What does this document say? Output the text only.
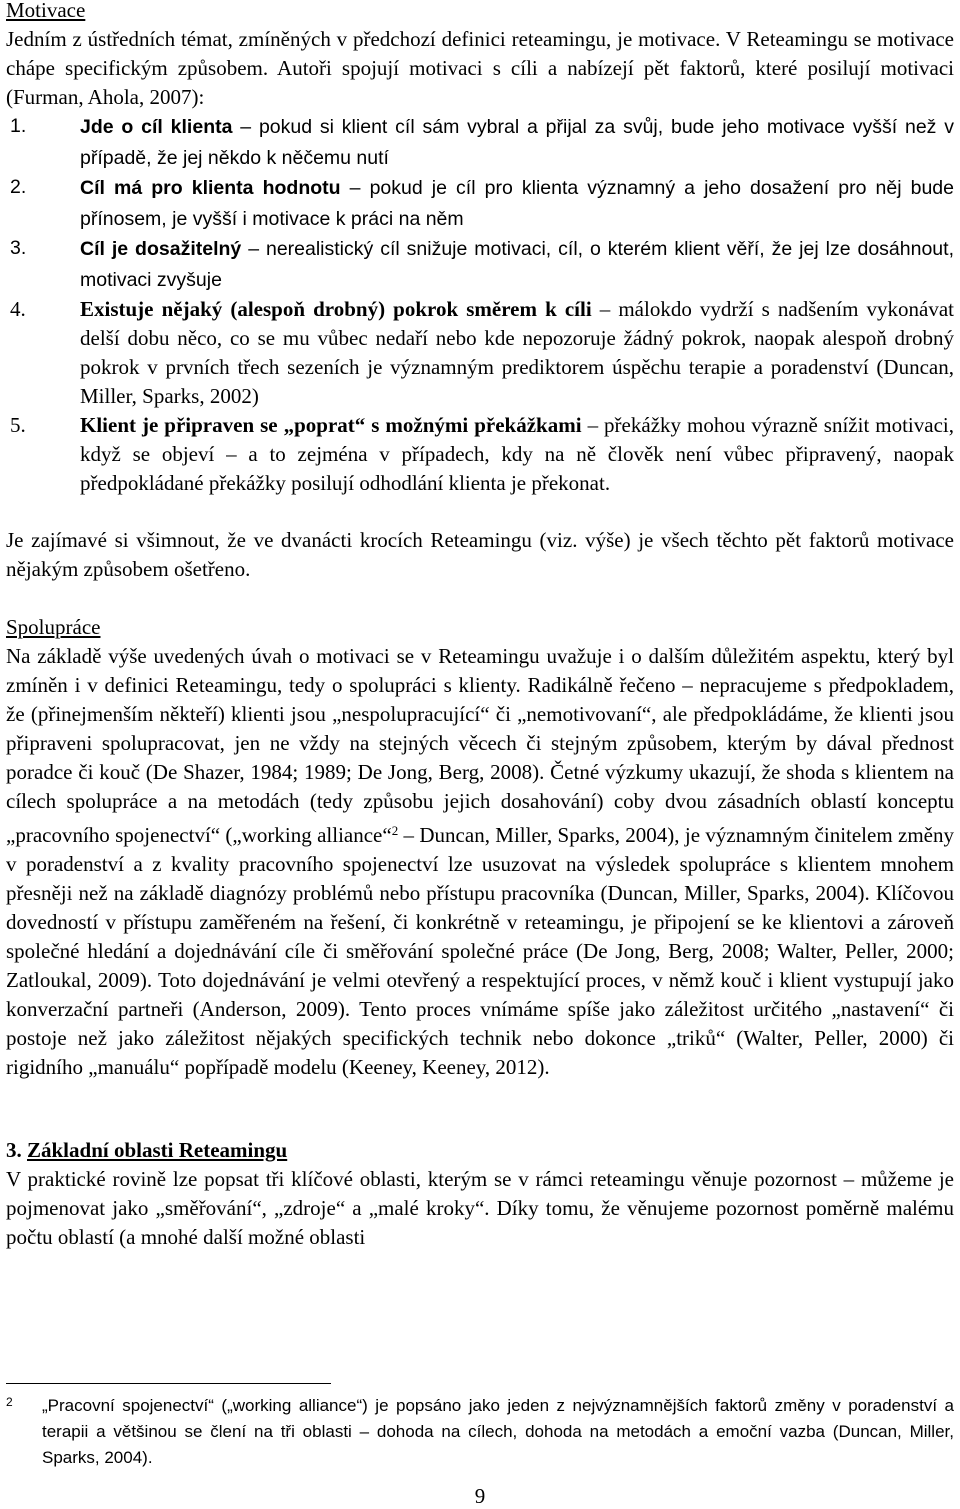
Motivace

Jedním z ústředních témat, zmíněných v předchozí definici reteamingu, je motivace. V Reteamingu se motivace chápe specifickým způsobem. Autoři spojují motivaci s cíli a nabízejí pět faktorů, které posilují motivaci (Furman, Ahola, 2007):

1.	Jde o cíl klienta – pokud si klient cíl sám vybral a přijal za svůj, bude jeho motivace vyšší než v případě, že jej někdo k něčemu nutí
2.	Cíl má pro klienta hodnotu – pokud je cíl pro klienta významný a jeho dosažení pro něj bude přínosem, je vyšší i motivace k práci na něm
3.	Cíl je dosažitelný – nerealistický cíl snižuje motivaci, cíl, o kterém klient věří, že jej lze dosáhnout, motivaci zvyšuje
4.	Existuje nějaký (alespoň drobný) pokrok směrem k cíli – málokdo vydrží s nadšením vykonávat delší dobu něco, co se mu vůbec nedaří nebo kde nepozoruje žádný pokrok, naopak alespoň drobný pokrok v prvních třech sezeních je významným prediktorem úspěchu terapie a poradenství (Duncan, Miller, Sparks, 2002)
5.	Klient je připraven se „poprat“ s možnými překážkami – překážky mohou výrazně snížit motivaci, když se objeví – a to zejména v případech, kdy na ně člověk není vůbec připravený, naopak předpokládané překážky posilují odhodlání klienta je překonat.

Je zajímavé si všimnout, že ve dvanácti krocích Reteamingu (viz. výše) je všech těchto pět faktorů motivace nějakým způsobem ošetřeno.

Spolupráce

Na základě výše uvedených úvah o motivaci se v Reteamingu uvažuje i o dalším důležitém aspektu, který byl zmíněn i v definici Reteamingu, tedy o spolupráci s klienty. Radikálně řečeno – nepracujeme s předpokladem, že (přinejmenším někteří) klienti jsou „nespolupracující“ či „nemotivovaní“, ale předpokládáme, že klienti jsou připraveni spolupracovat, jen ne vždy na stejných věcech či stejným způsobem, kterým by dával přednost poradce či kouč (De Shazer, 1984; 1989; De Jong, Berg, 2008). Četné výzkumy ukazují, že shoda s klientem na cílech spolupráce a na metodách (tedy způsobu jejich dosahování) coby dvou zásadních oblastí konceptu „pracovního spojenectví“ („working alliance“$^2$ – Duncan, Miller, Sparks, 2004), je významným činitelem změny v poradenství a z kvality pracovního spojenectví lze usuzovat na výsledek spolupráce s klientem mnohem přesněji než na základě diagnózy problémů nebo přístupu pracovníka (Duncan, Miller, Sparks, 2004). Klíčovou dovedností v přístupu zaměřeném na řešení, či konkrétně v reteamingu, je připojení se ke klientovi a zároveň společné hledání a dojednávání cíle či směřování společné práce (De Jong, Berg, 2008; Walter, Peller, 2000; Zatloukal, 2009). Toto dojednávání je velmi otevřený a respektující proces, v němž kouč i klient vystupují jako konverzační partneři (Anderson, 2009). Tento proces vnímáme spíše jako záležitost určitého „nastavení“ či postoje než jako záležitost nějakých specifických technik nebo dokonce „triků“ (Walter, Peller, 2000) či rigidního „manuálu“ popřípadě modelu (Keeney, Keeney, 2012).

3. Základní oblasti Reteamingu

V praktické rovině lze popsat tři klíčové oblasti, kterým se v rámci reteamingu věnuje pozornost – můžeme je pojmenovat jako „směřování“, „zdroje“ a „malé kroky“. Díky tomu, že věnujeme pozornost poměrně malému počtu oblastí (a mnohé další možné oblasti

2	„Pracovní spojenectví“ („working alliance“) je popsáno jako jeden z nejvýznamnějších faktorů změny v poradenství a terapii a většinou se člení na tři oblasti – dohoda na cílech, dohoda na metodách a emoční vazba (Duncan, Miller, Sparks, 2004).
9
